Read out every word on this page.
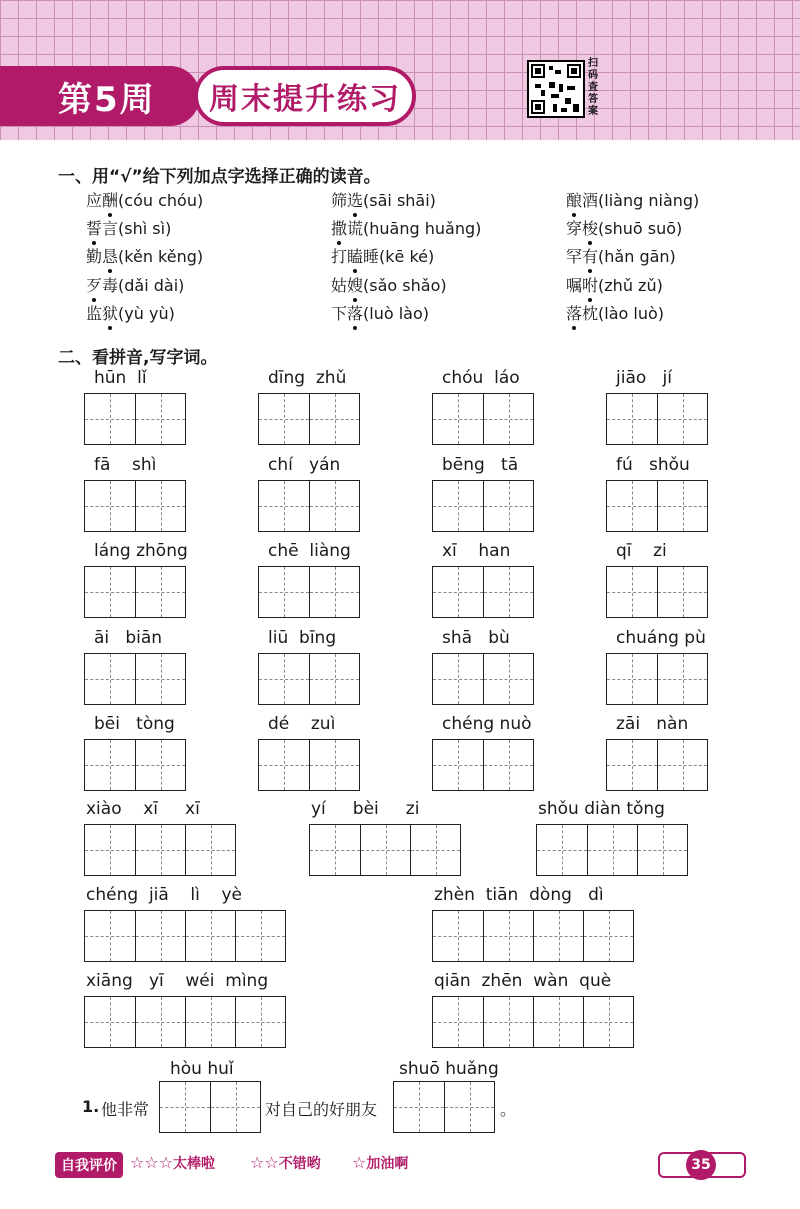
第5周	周末提升练习
扫码查答案
一、用“√”给下列加点字选择正确的读音。
应酬(cóu chóu)	筛选(sāi shāi)	酿酒(liàng niàng)
誓言(shì sì)	撒谎(huāng huǎng)	穿梭(shuō suō)
勤恳(kěn kěng)	打瞌睡(kē ké)	罕有(hǎn gān)
歹毒(dǎi dài)	姑嫂(sǎo shǎo)	嘱咐(zhǔ zǔ)
监狱(yù yù)	下落(luò lào)	落枕(lào luò)
二、看拼音,写字词。
hūn  lǐ	dīng  zhǔ	chóu  láo	jiāo   jí
fā    shì	chí   yán	bēng   tā	fú   shǒu
láng zhōng	chē  liàng	xī    han	qī    zi
āi   biān	liū  bīng	shā   bù	chuáng pù
bēi   tòng	dé    zuì	chéng nuò	zāi   nàn
xiào    xī     xī	yí     bèi     zi	shǒu diàn tǒng
chéng  jiā    lì    yè	zhèn  tiān  dòng   dì
xiāng   yī    wéi  mìng	qiān  zhēn  wàn  què
1. 他非常
hòu huǐ
对自己的好朋友
shuō huǎng
。
自我评价 ☆☆☆太棒啦 ☆☆不错哟 ☆加油啊	35
